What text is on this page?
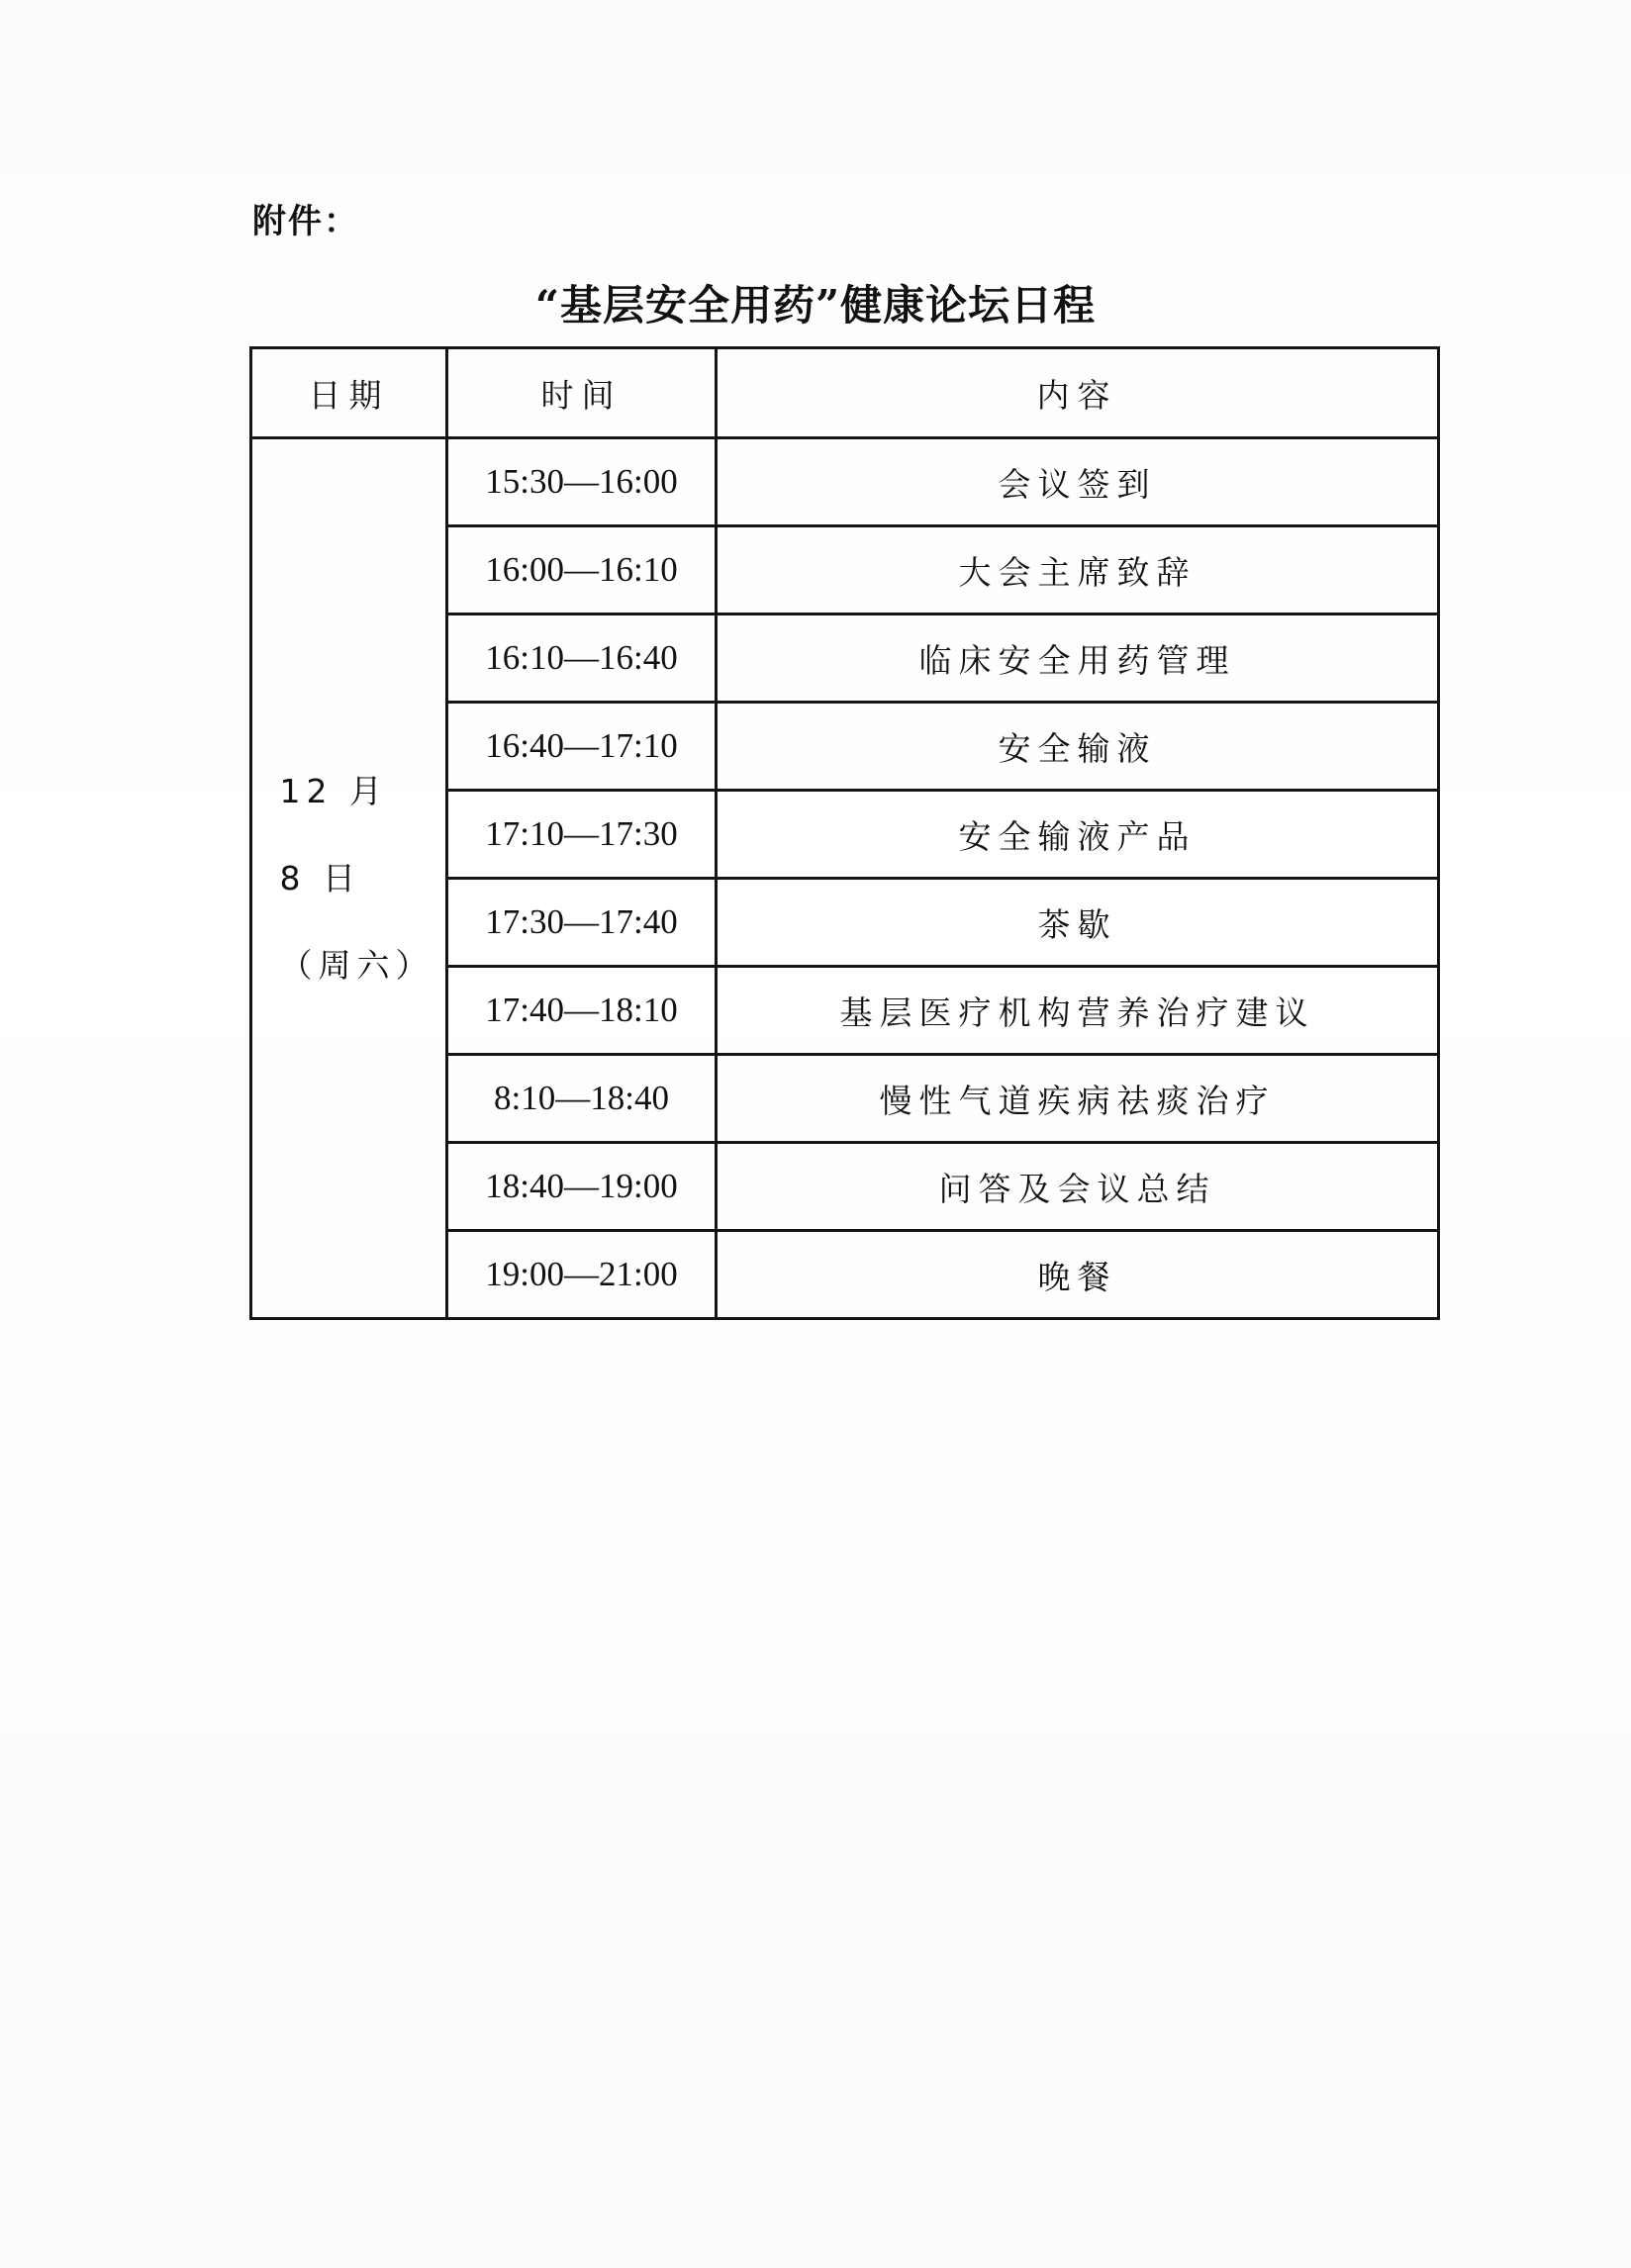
附件：
“基层安全用药”健康论坛日程
日期	时间	内容
12 月 8 日（周六）	15:30—16:00	会议签到
	16:00—16:10	大会主席致辞
	16:10—16:40	临床安全用药管理
	16:40—17:10	安全输液
	17:10—17:30	安全输液产品
	17:30—17:40	茶歇
	17:40—18:10	基层医疗机构营养治疗建议
	8:10—18:40	慢性气道疾病祛痰治疗
	18:40—19:00	问答及会议总结
	19:00—21:00	晚餐
